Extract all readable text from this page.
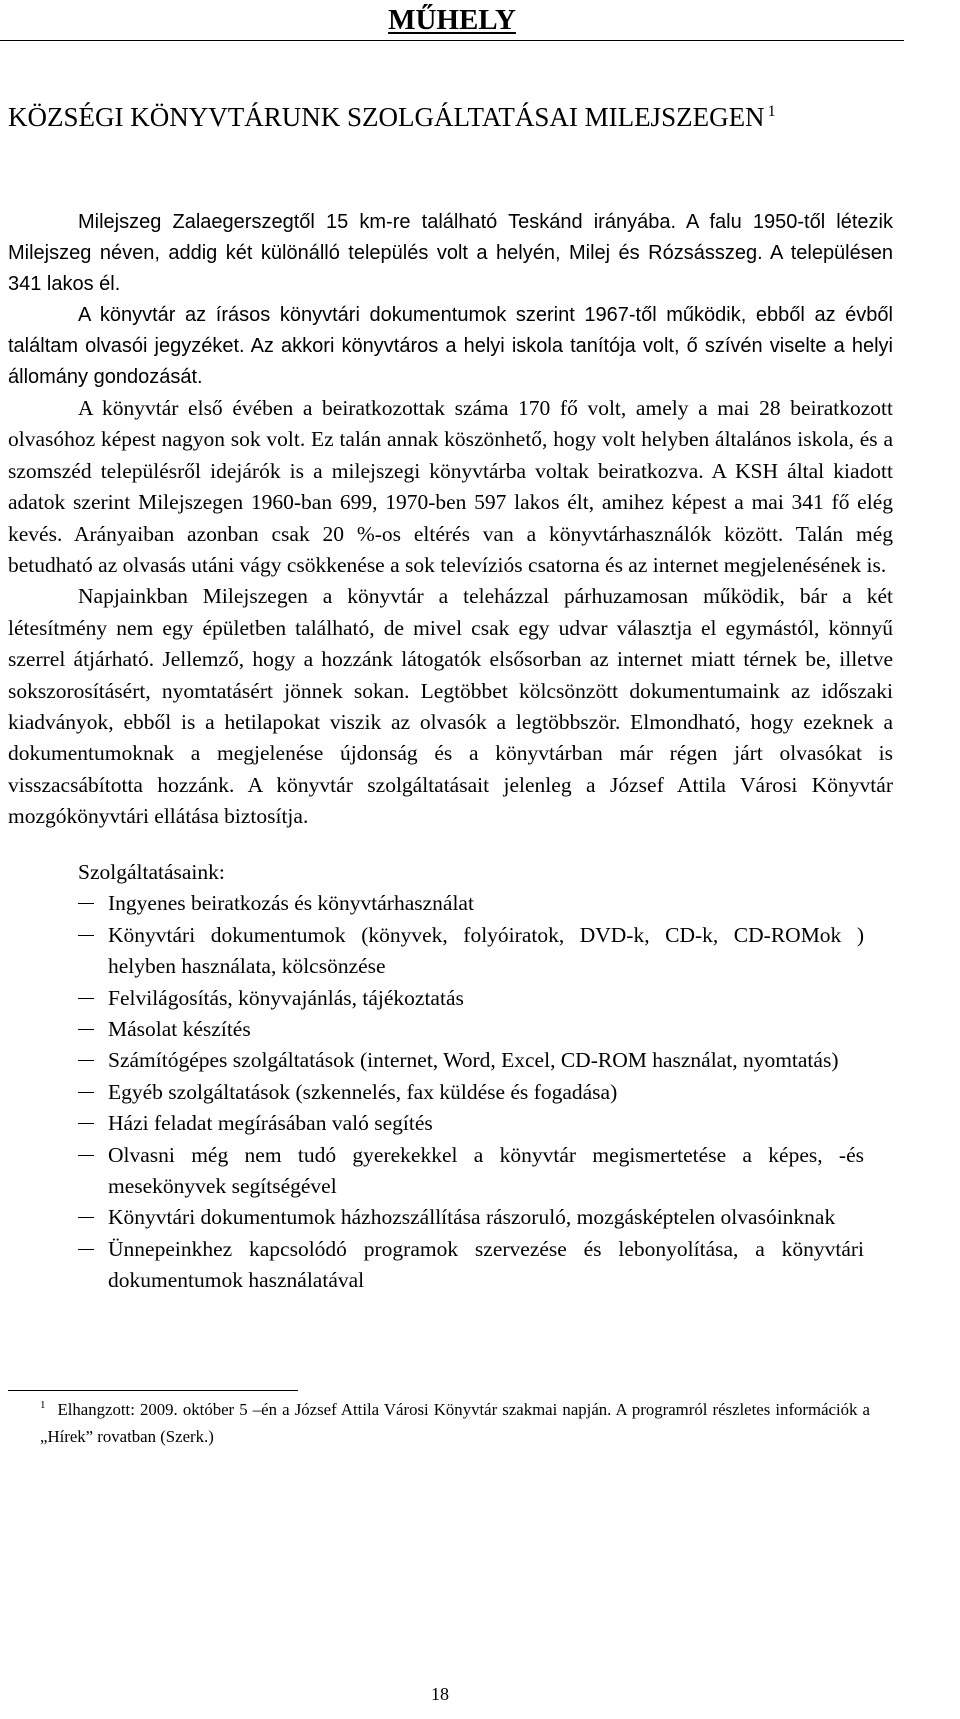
MŰHELY
KÖZSÉGI KÖNYVTÁRUNK SZOLGÁLTATÁSAI MILEJSZEGEN $^1$

Milejszeg Zalaegerszegtől 15 km-re található Teskánd irányába. A falu 1950-től létezik Milejszeg néven, addig két különálló település volt a helyén, Milej és Rózsásszeg. A településen 341 lakos él.

A könyvtár az írásos könyvtári dokumentumok szerint 1967-től működik, ebből az évből találtam olvasói jegyzéket. Az akkori könyvtáros a helyi iskola tanítója volt, ő szívén viselte a helyi állomány gondozását.

A könyvtár első évében a beiratkozottak száma 170 fő volt, amely a mai 28 beiratkozott olvasóhoz képest nagyon sok volt. Ez talán annak köszönhető, hogy volt helyben általános iskola, és a szomszéd településről idejárók is a milejszegi könyvtárba voltak beiratkozva. A KSH által kiadott adatok szerint Milejszegen 1960-ban 699, 1970-ben 597 lakos élt, amihez képest a mai 341 fő elég kevés. Arányaiban azonban csak 20 %-os eltérés van a könyvtárhasználók között. Talán még betudható az olvasás utáni vágy csökkenése a sok televíziós csatorna és az internet megjelenésének is.

Napjainkban Milejszegen a könyvtár a teleházzal párhuzamosan működik, bár a két létesítmény nem egy épületben található, de mivel csak egy udvar választja el egymástól, könnyű szerrel átjárható. Jellemző, hogy a hozzánk látogatók elsősorban az internet miatt térnek be, illetve sokszorosításért, nyomtatásért jönnek sokan. Legtöbbet kölcsönzött dokumentumaink az időszaki kiadványok, ebből is a hetilapokat viszik az olvasók a legtöbbször. Elmondható, hogy ezeknek a dokumentumoknak a megjelenése újdonság és a könyvtárban már régen járt olvasókat is visszacsábította hozzánk. A könyvtár szolgáltatásait jelenleg a József Attila Városi Könyvtár mozgókönyvtári ellátása biztosítja.

Szolgáltatásaink:

Ingyenes beiratkozás és könyvtárhasználat
Könyvtári dokumentumok (könyvek, folyóiratok, DVD-k, CD-k, CD-ROMok ) helyben használata, kölcsönzése
Felvilágosítás, könyvajánlás, tájékoztatás
Másolat készítés
Számítógépes szolgáltatások (internet, Word, Excel, CD-ROM használat, nyomtatás)
Egyéb szolgáltatások (szkennelés, fax küldése és fogadása)
Házi feladat megírásában való segítés
Olvasni még nem tudó gyerekekkel a könyvtár megismertetése a képes, -és mesekönyvek segítségével
Könyvtári dokumentumok házhozszállítása rászoruló, mozgásképtelen olvasóinknak
Ünnepeinkhez kapcsolódó programok szervezése és lebonyolítása, a könyvtári dokumentumok használatával
$^1$ Elhangzott: 2009. október 5 –én a József Attila Városi Könyvtár szakmai napján. A programról részletes információk a „Hírek” rovatban (Szerk.)
18
